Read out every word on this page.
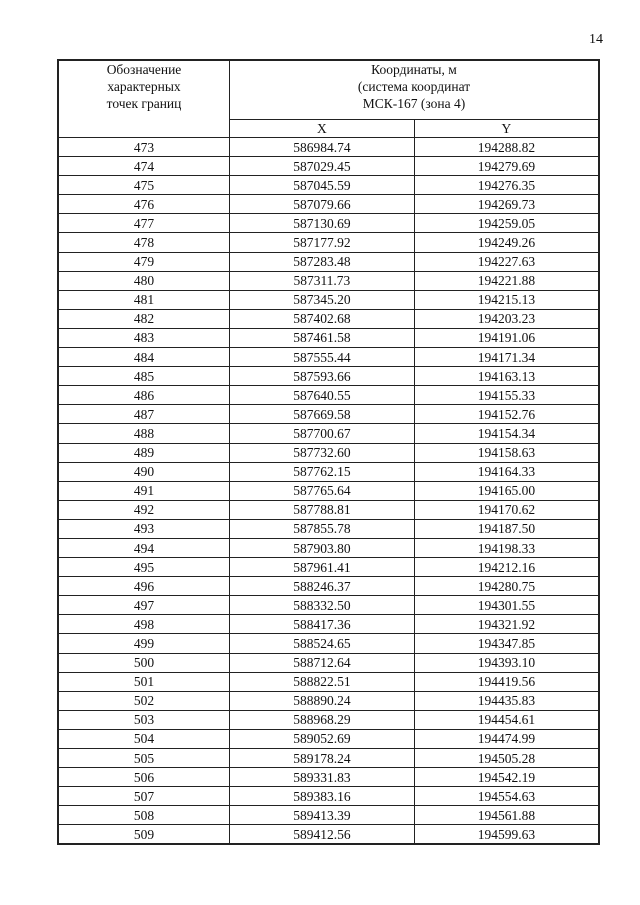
14
Обозначение
характерных
точек границ	Координаты, м
(система координат
МСК-167 (зона 4)	

	X	Y
473	586984.74	194288.82
474	587029.45	194279.69
475	587045.59	194276.35
476	587079.66	194269.73
477	587130.69	194259.05
478	587177.92	194249.26
479	587283.48	194227.63
480	587311.73	194221.88
481	587345.20	194215.13
482	587402.68	194203.23
483	587461.58	194191.06
484	587555.44	194171.34
485	587593.66	194163.13
486	587640.55	194155.33
487	587669.58	194152.76
488	587700.67	194154.34
489	587732.60	194158.63
490	587762.15	194164.33
491	587765.64	194165.00
492	587788.81	194170.62
493	587855.78	194187.50
494	587903.80	194198.33
495	587961.41	194212.16
496	588246.37	194280.75
497	588332.50	194301.55
498	588417.36	194321.92
499	588524.65	194347.85
500	588712.64	194393.10
501	588822.51	194419.56
502	588890.24	194435.83
503	588968.29	194454.61
504	589052.69	194474.99
505	589178.24	194505.28
506	589331.83	194542.19
507	589383.16	194554.63
508	589413.39	194561.88
509	589412.56	194599.63
